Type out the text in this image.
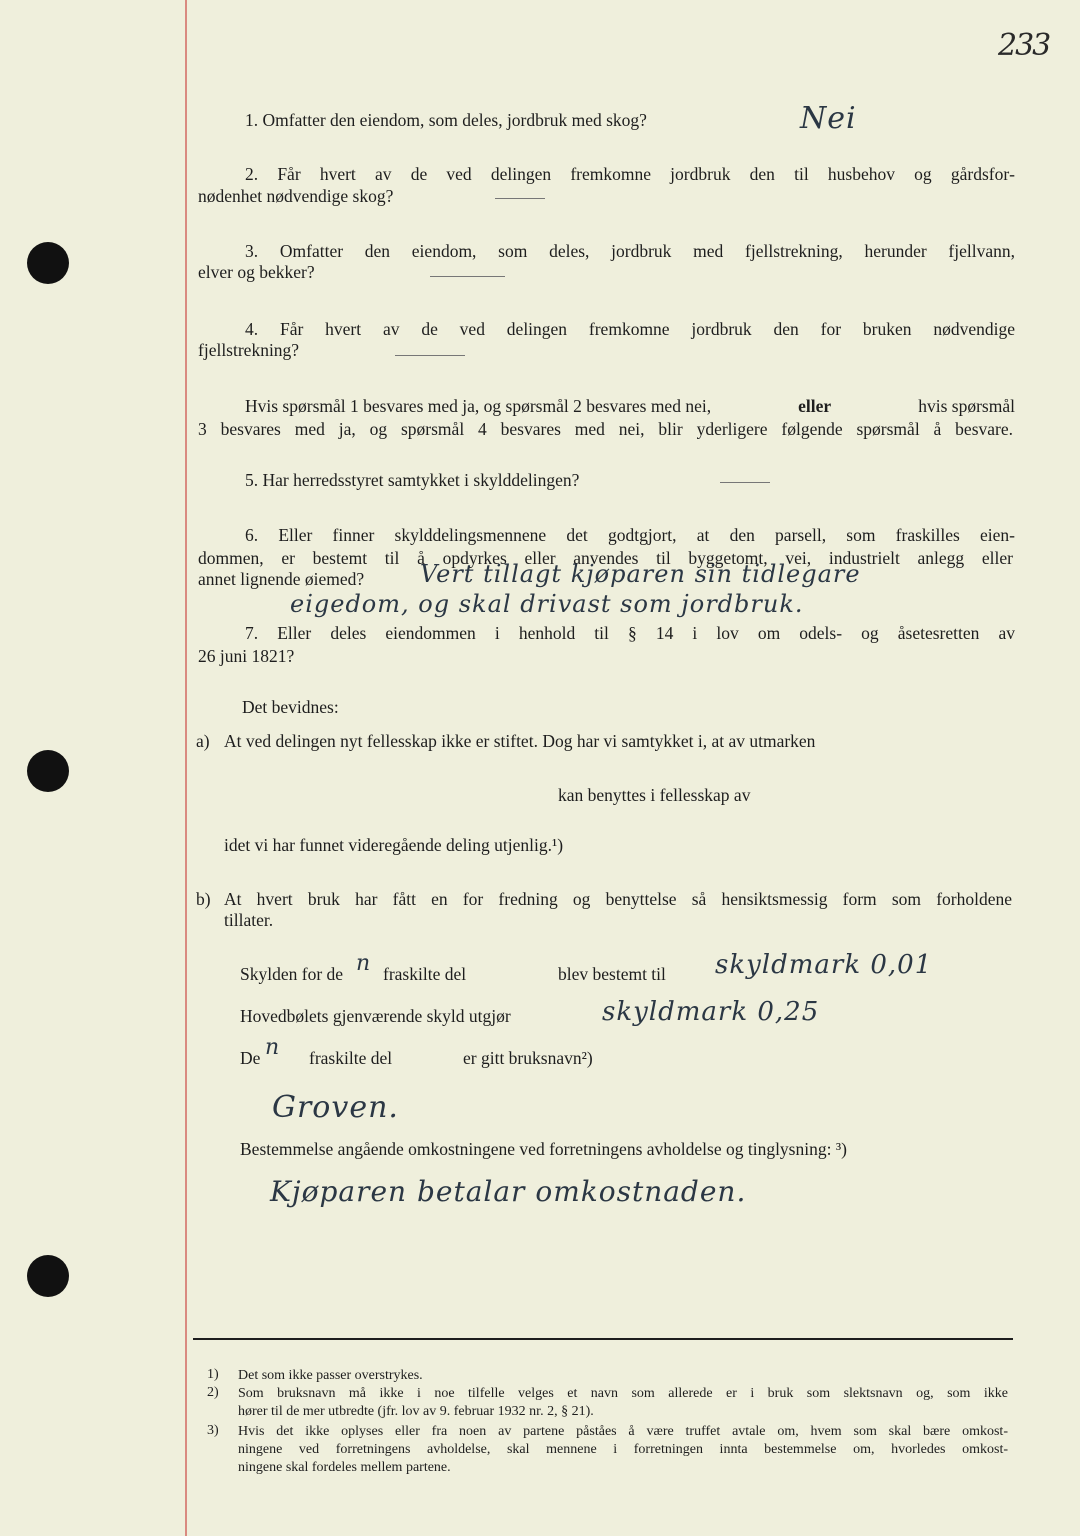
233
1. Omfatter den eiendom, som deles, jordbruk med skog?	Nei
2. Får hvert av de ved delingen fremkomne jordbruk den til husbehov og gårdsfor‑
nødenhet nødvendige skog?
3. Omfatter den eiendom, som deles, jordbruk med fjellstrekning, herunder fjellvann,
elver og bekker?
4. Får hvert av de ved delingen fremkomne jordbruk den for bruken nødvendige
fjellstrekning?
Hvis spørsmål 1 besvares med ja, og spørsmål 2 besvares med nei,	eller	hvis spørsmål
3 besvares med ja, og spørsmål 4 besvares med nei, blir yderligere følgende spørsmål å besvare.
5. Har herredsstyret samtykket i skylddelingen?
6. Eller finner skylddelingsmennene det godtgjort, at den parsell, som fraskilles eien‑
dommen, er bestemt til å opdyrkes eller anvendes til byggetomt, vei, industrielt anlegg eller
annet lignende øiemed? Vert tillagt kjøparen sin tidlegare
eigedom, og skal drivast som jordbruk.
7. Eller deles eiendommen i henhold til § 14 i lov om odels‑ og åsetesretten av
26 juni 1821?
Det bevidnes:
a) At ved delingen nyt fellesskap ikke er stiftet. Dog har vi samtykket i, at av utmarken
kan benyttes i fellesskap av
idet vi har funnet videregående deling utjenlig.¹)
b) At hvert bruk har fått en for fredning og benyttelse så hensiktsmessig form som forholdene
tillater.
Skylden for de n fraskilte del	blev bestemt til skyldmark 0,01
Hovedbølets gjenværende skyld utgjør	skyldmark 0,25
De n fraskilte del	er gitt bruksnavn²)
Groven.
Bestemmelse angående omkostningene ved forretningens avholdelse og tinglysning: ³)
Kjøparen betalar omkostnaden.
1) Det som ikke passer overstrykes.
2) Som bruksnavn må ikke i noe tilfelle velges et navn som allerede er i bruk som slektsnavn og, som ikke
hører til de mer utbredte (jfr. lov av 9. februar 1932 nr. 2, § 21).
3) Hvis det ikke oplyses eller fra noen av partene påståes å være truffet avtale om, hvem som skal bære omkost‑
ningene ved forretningens avholdelse, skal mennene i forretningen innta bestemmelse om, hvorledes omkost‑
ningene skal fordeles mellem partene.
